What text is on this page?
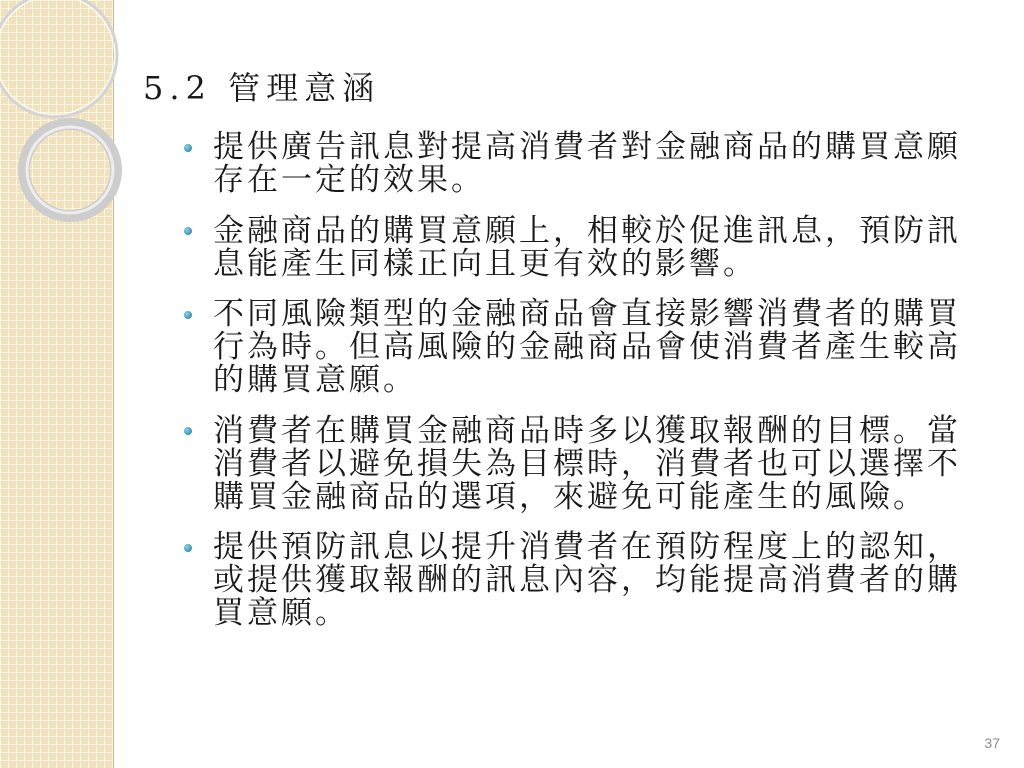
5.2 管理意涵
提供廣告訊息對提高消費者對金融商品的購買意願
存在一定的效果。
金融商品的購買意願上，相較於促進訊息，預防訊
息能產生同樣正向且更有效的影響。
不同風險類型的金融商品會直接影響消費者的購買
行為時。但高風險的金融商品會使消費者產生較高
的購買意願。
消費者在購買金融商品時多以獲取報酬的目標。當
消費者以避免損失為目標時，消費者也可以選擇不
購買金融商品的選項，來避免可能產生的風險。
提供預防訊息以提升消費者在預防程度上的認知，
或提供獲取報酬的訊息內容，均能提高消費者的購
買意願。
37
